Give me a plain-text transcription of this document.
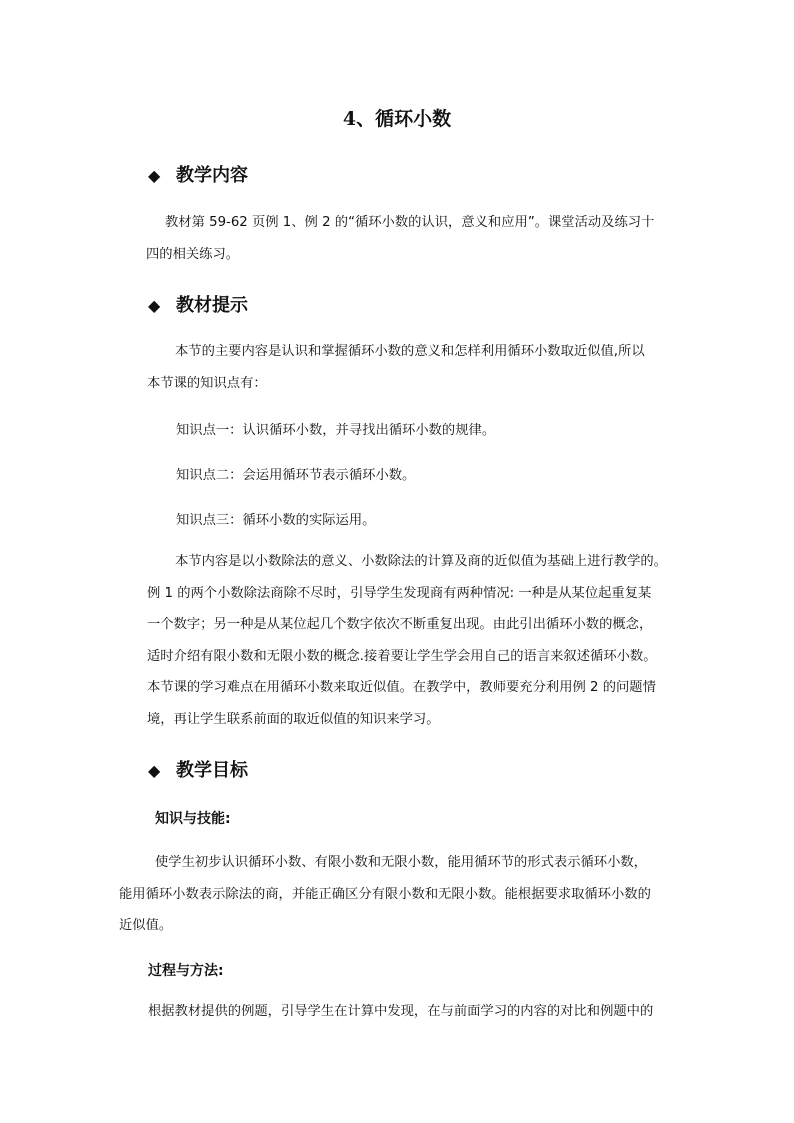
4、循环小数
◆ 教学内容
教材第 59-62 页例 1、例 2 的“循环小数的认识，意义和应用”。课堂活动及练习十
四的相关练习。
◆ 教材提示
本节的主要内容是认识和掌握循环小数的意义和怎样利用循环小数取近似值,所以
本节课的知识点有：
知识点一：认识循环小数，并寻找出循环小数的规律。
知识点二：会运用循环节表示循环小数。
知识点三：循环小数的实际运用。
本节内容是以小数除法的意义、小数除法的计算及商的近似值为基础上进行教学的。
例 1 的两个小数除法商除不尽时，引导学生发现商有两种情况: 一种是从某位起重复某
一个数字；另一种是从某位起几个数字依次不断重复出现。由此引出循环小数的概念，
适时介绍有限小数和无限小数的概念.接着要让学生学会用自己的语言来叙述循环小数。
本节课的学习难点在用循环小数来取近似值。在教学中，教师要充分利用例 2 的问题情
境，再让学生联系前面的取近似值的知识来学习。
◆ 教学目标
知识与技能:
使学生初步认识循环小数、有限小数和无限小数，能用循环节的形式表示循环小数，
能用循环小数表示除法的商，并能正确区分有限小数和无限小数。能根据要求取循环小数的
近似值。
过程与方法:
根据教材提供的例题，引导学生在计算中发现，在与前面学习的内容的对比和例题中的
